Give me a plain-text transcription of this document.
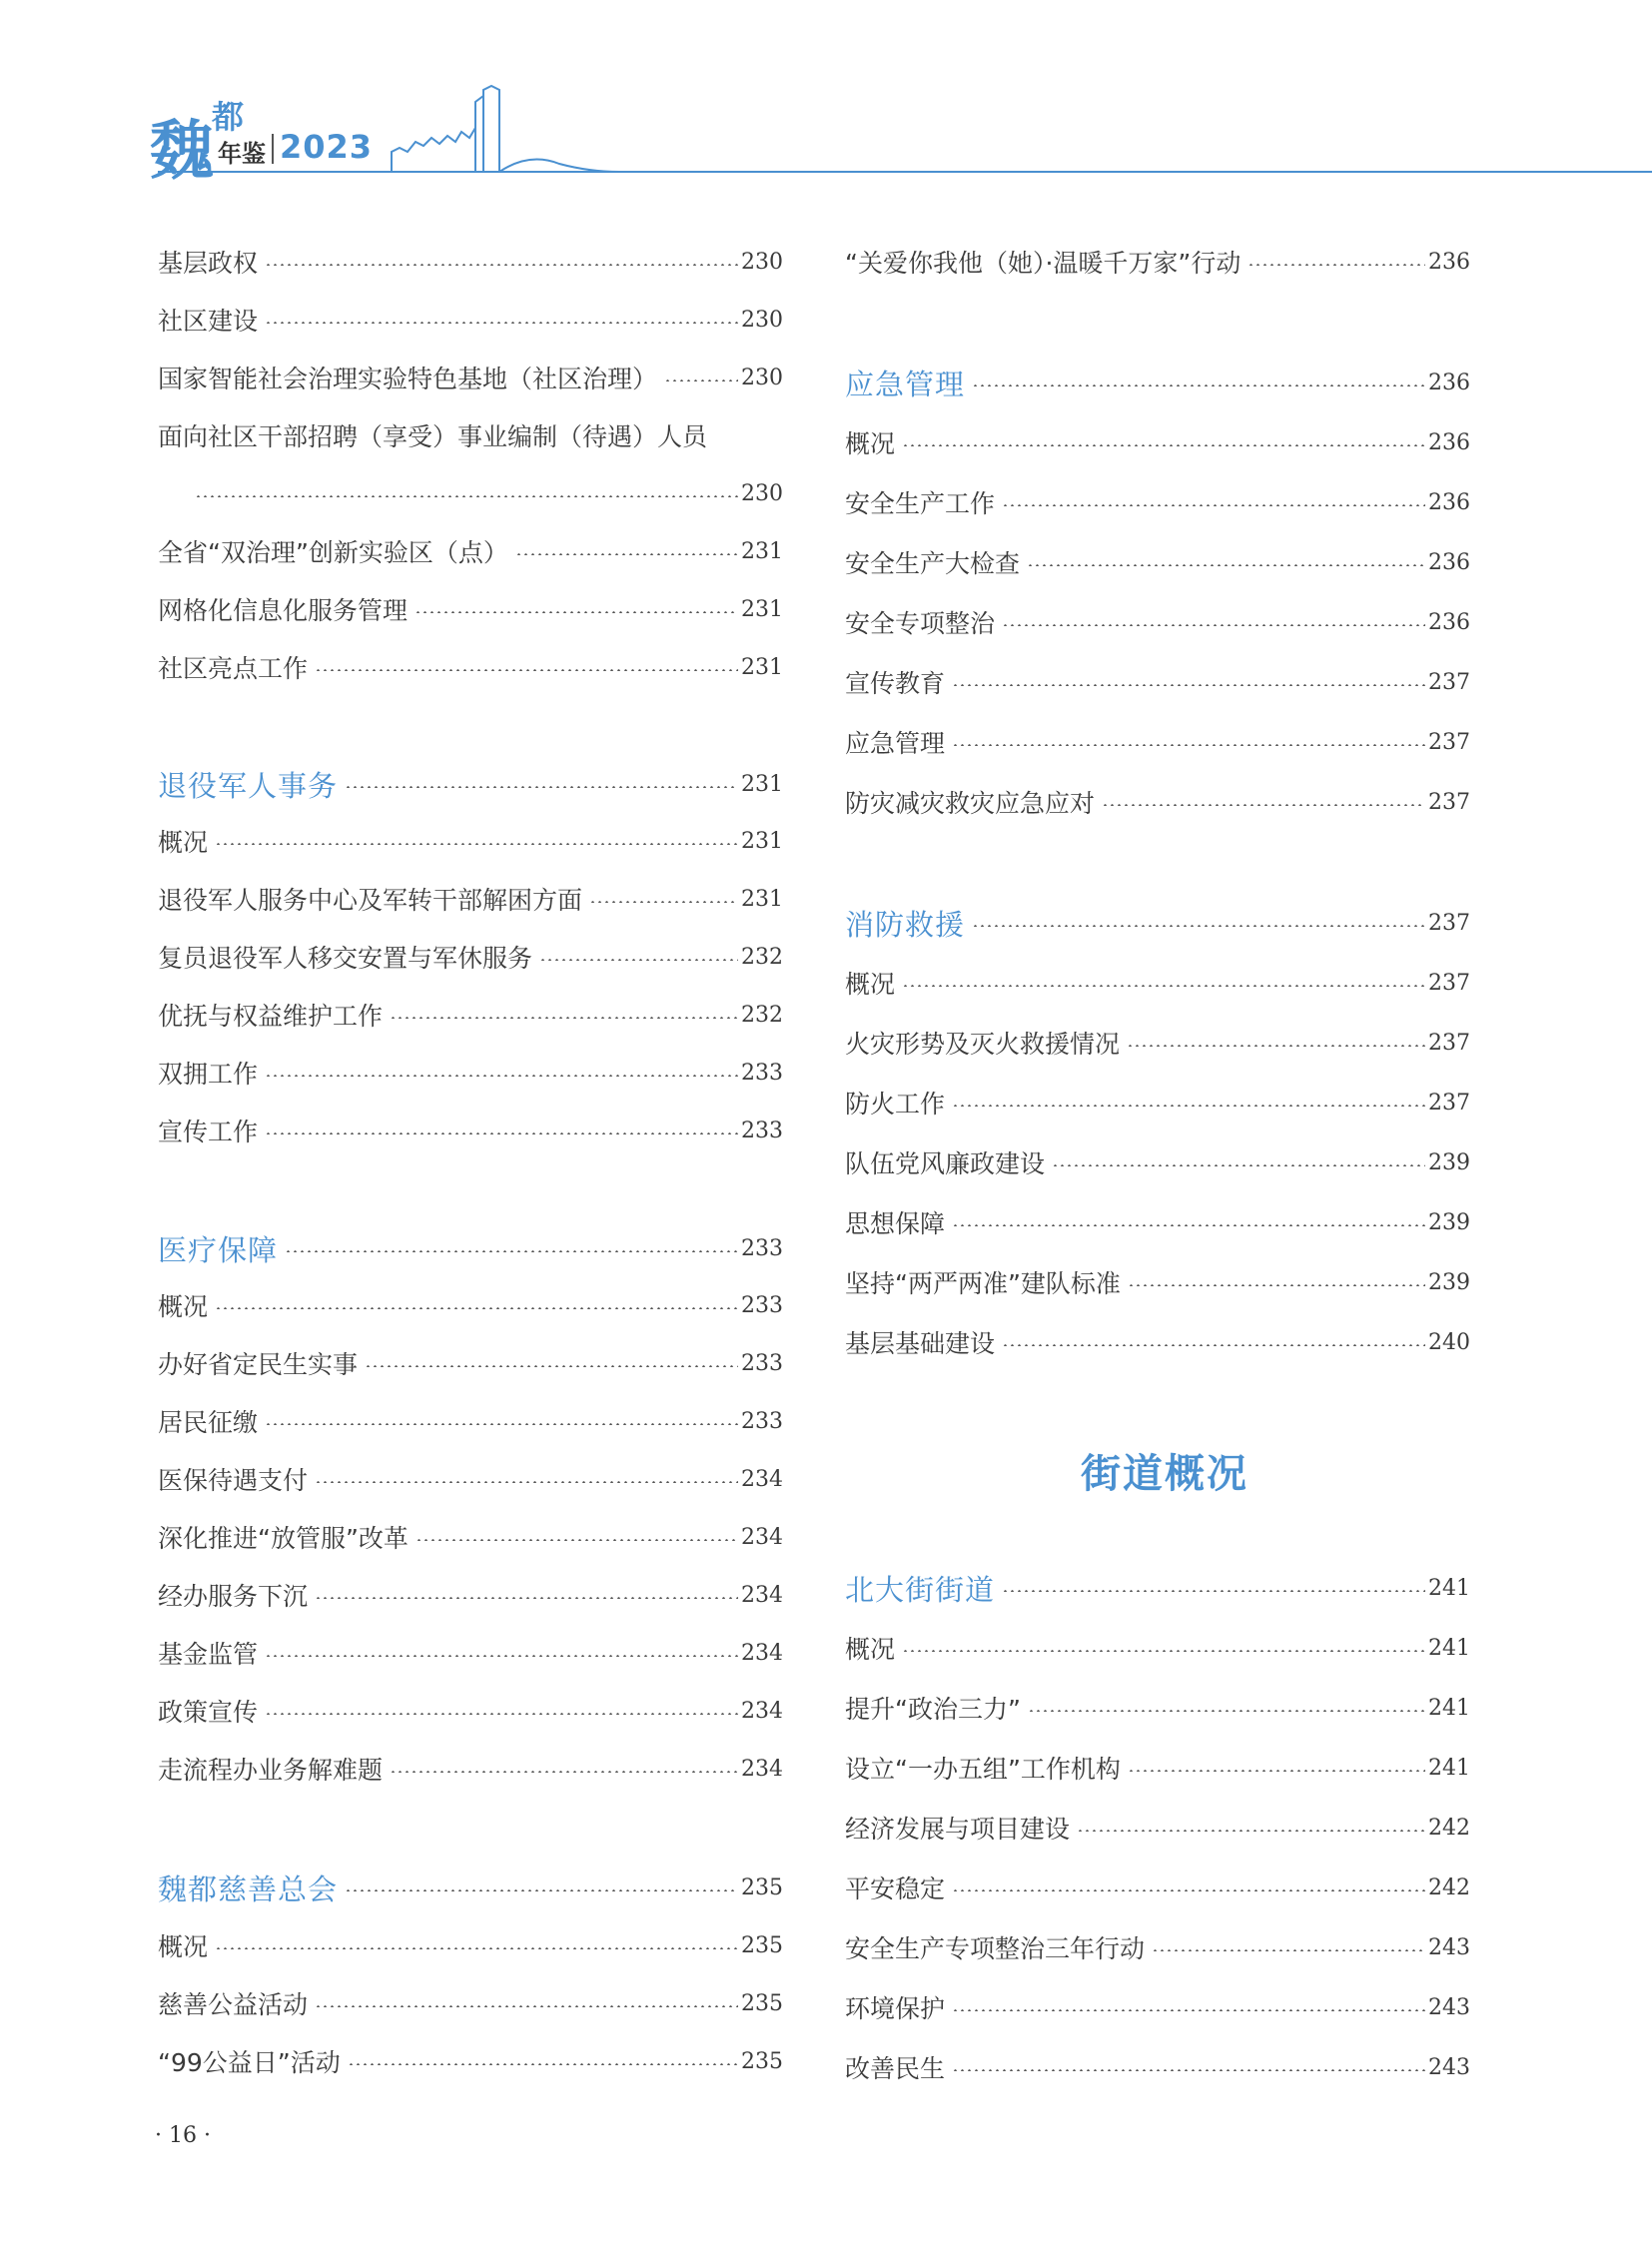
魏 都
年鉴 2023
基层政权	230
社区建设	230
国家智能社会治理实验特色基地（社区治理）	230
面向社区干部招聘（享受）事业编制（待遇）人员
230
全省“双治理”创新实验区（点）	231
网格化信息化服务管理	231
社区亮点工作	231
退役军人事务	231
概况	231
退役军人服务中心及军转干部解困方面	231
复员退役军人移交安置与军休服务	232
优抚与权益维护工作	232
双拥工作	233
宣传工作	233
医疗保障	233
概况	233
办好省定民生实事	233
居民征缴	233
医保待遇支付	234
深化推进“放管服”改革	234
经办服务下沉	234
基金监管	234
政策宣传	234
走流程办业务解难题	234
魏都慈善总会	235
概况	235
慈善公益活动	235
“99公益日”活动	235
“关爱你我他（她）·温暖千万家”行动	236
应急管理	236
概况	236
安全生产工作	236
安全生产大检查	236
安全专项整治	236
宣传教育	237
应急管理	237
防灾减灾救灾应急应对	237
消防救援	237
概况	237
火灾形势及灭火救援情况	237
防火工作	237
队伍党风廉政建设	239
思想保障	239
坚持“两严两准”建队标准	239
基层基础建设	240
北大街街道	241
概况	241
提升“政治三力”	241
设立“一办五组”工作机构	241
经济发展与项目建设	242
平安稳定	242
安全生产专项整治三年行动	243
环境保护	243
改善民生	243
街道概况
· 16 ·
